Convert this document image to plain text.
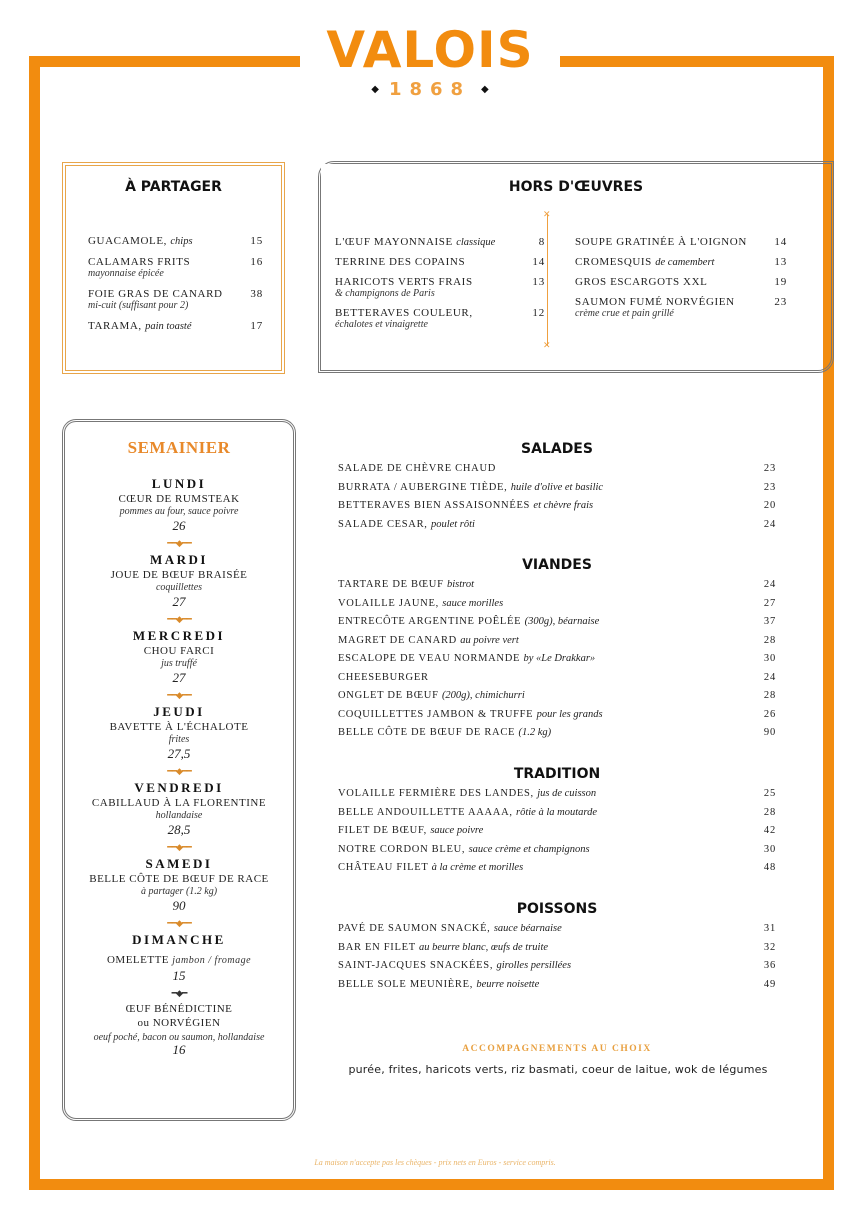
VALOIS
◆ 1868 ◆
À PARTAGER
GUACAMOLE, chips	15
CALAMARS FRITS	16
mayonnaise épicée
FOIE GRAS DE CANARD	38
mi-cuit (suffisant pour 2)
TARAMA, pain toasté	17
HORS D'ŒUVRES
✕
✕
L'ŒUF MAYONNAISE classique	8
TERRINE DES COPAINS	14
HARICOTS VERTS FRAIS	13
& champignons de Paris
BETTERAVES COULEUR,	12
échalotes et vinaigrette
SOUPE GRATINÉE À L'OIGNON	14
CROMESQUIS de camembert	13
GROS ESCARGOTS XXL	19
SAUMON FUMÉ NORVÉGIEN	23
crème crue et pain grillé
SEMAINIER
LUNDI
CŒUR DE RUMSTEAK
pommes au four, sauce poivre
26
━━◆━━
MARDI
JOUE DE BŒUF BRAISÉE
coquillettes
27
━━◆━━
MERCREDI
CHOU FARCI
jus truffé
27
━━◆━━
JEUDI
BAVETTE À L'ÉCHALOTE
frites
27,5
━━◆━━
VENDREDI
CABILLAUD À LA FLORENTINE
hollandaise
28,5
━━◆━━
SAMEDI
BELLE CÔTE DE BŒUF DE RACE
à partager (1.2 kg)
90
━━◆━━
DIMANCHE
OMELETTE jambon / fromage
15
━◆━
ŒUF BÉNÉDICTINE
ou NORVÉGIEN
oeuf poché, bacon ou saumon, hollandaise
16
SALADES
SALADE DE CHÈVRE CHAUD	23
BURRATA / AUBERGINE TIÈDE, huile d'olive et basilic	23
BETTERAVES BIEN ASSAISONNÉES et chèvre frais	20
SALADE CESAR, poulet rôti	24
VIANDES
TARTARE DE BŒUF bistrot	24
VOLAILLE JAUNE, sauce morilles	27
ENTRECÔTE ARGENTINE POÊLÉE (300g), béarnaise	37
MAGRET DE CANARD au poivre vert	28
ESCALOPE DE VEAU NORMANDE by «Le Drakkar»	30
CHEESEBURGER	24
ONGLET DE BŒUF (200g), chimichurri	28
COQUILLETTES JAMBON & TRUFFE pour les grands	26
BELLE CÔTE DE BŒUF DE RACE (1.2 kg)	90
TRADITION
VOLAILLE FERMIÈRE DES LANDES, jus de cuisson	25
BELLE ANDOUILLETTE AAAAA, rôtie à la moutarde	28
FILET DE BŒUF, sauce poivre	42
NOTRE CORDON BLEU, sauce crème et champignons	30
CHÂTEAU FILET à la crème et morilles	48
POISSONS
PAVÉ DE SAUMON SNACKÉ, sauce béarnaise	31
BAR EN FILET au beurre blanc, œufs de truite	32
SAINT-JACQUES SNACKÉES, girolles persillées	36
BELLE SOLE MEUNIÈRE, beurre noisette	49
ACCOMPAGNEMENTS AU CHOIX
purée, frites, haricots verts, riz basmati, coeur de laitue, wok de légumes
La maison n'accepte pas les chèques - prix nets en Euros - service compris.
